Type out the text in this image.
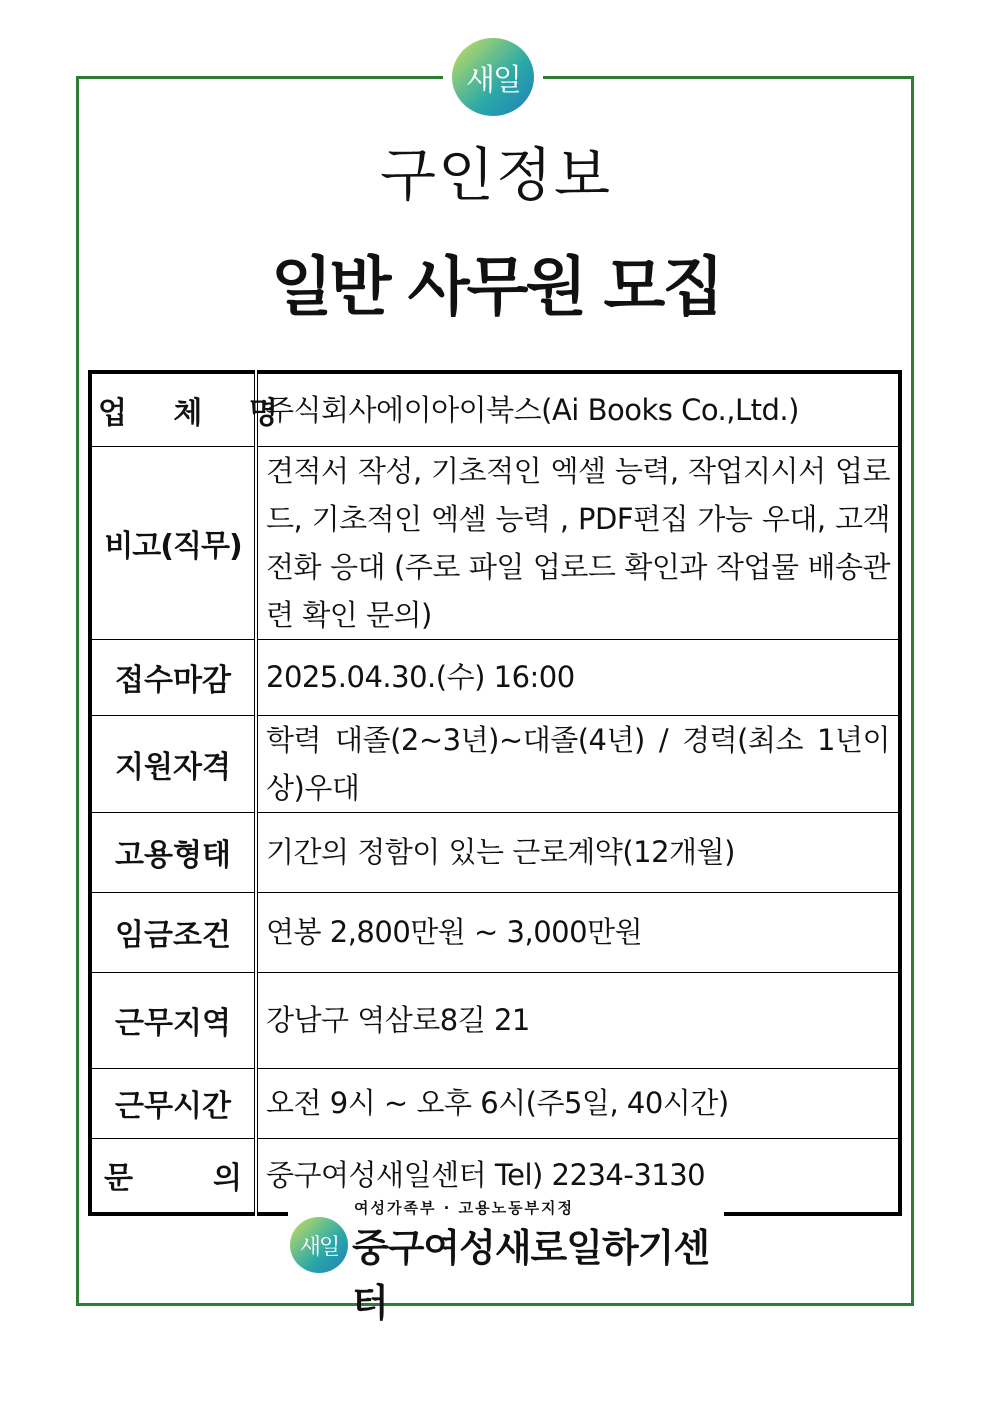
새일
구인정보
일반 사무원 모집
업 체 명	주식회사에이아이북스(Ai Books Co.,Ltd.)
비고(직무)	견적서 작성, 기초적인 엑셀 능력, 작업지시서 업로드, 기초적인 엑셀 능력 , PDF편집 가능 우대, 고객 전화 응대 (주로 파일 업로드 확인과 작업물 배송관련 확인 문의)
접수마감	2025.04.30.(수) 16:00
지원자격	학력 대졸(2~3년)~대졸(4년) / 경력(최소 1년이상)우대
고용형태	기간의 정함이 있는 근로계약(12개월)
임금조건	연봉 2,800만원 ~ 3,000만원
근무지역	강남구 역삼로8길 21
근무시간	오전 9시 ~ 오후 6시(주5일, 40시간)

문 의	중구여성새일센터 Tel) 2234-3130
여성가족부 · 고용노동부지정
새일 중구여성새로일하기센터
